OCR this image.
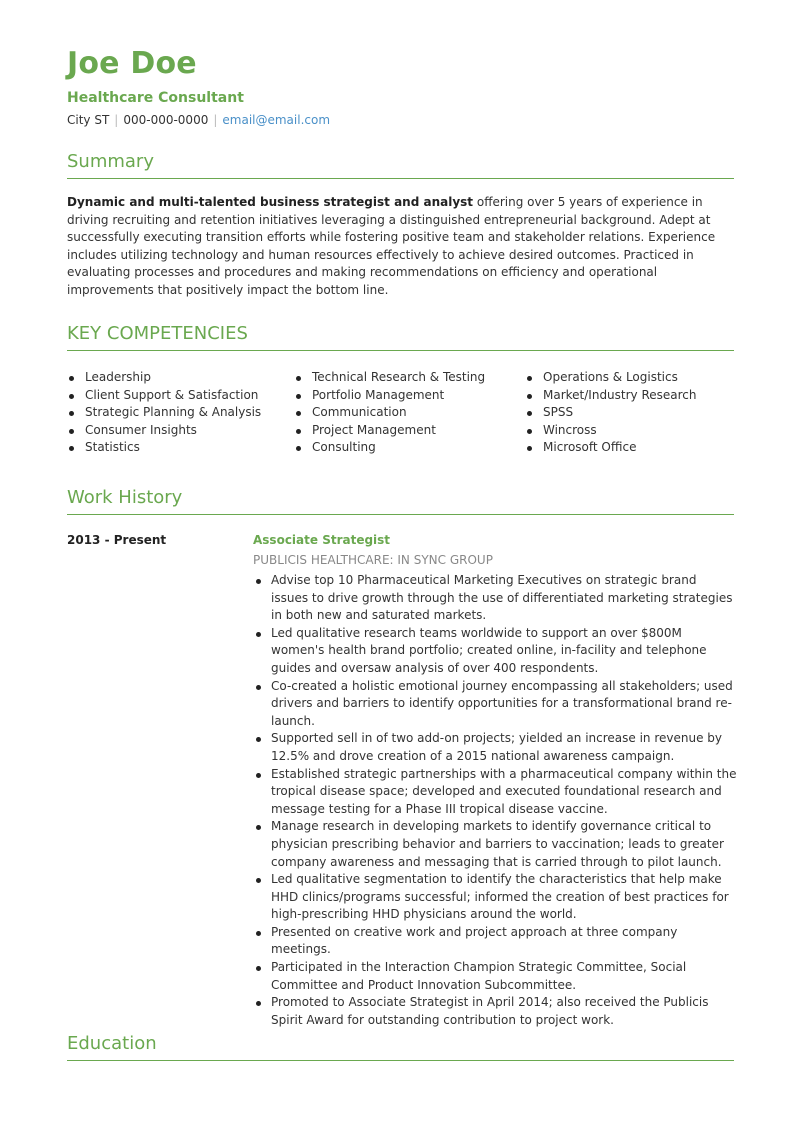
Joe Doe
Healthcare Consultant
City ST | 000-000-0000 | email@email.com
Summary
Dynamic and multi-talented business strategist and analyst offering over 5 years of experience in driving recruiting and retention initiatives leveraging a distinguished entrepreneurial background. Adept at successfully executing transition efforts while fostering positive team and stakeholder relations. Experience includes utilizing technology and human resources effectively to achieve desired outcomes. Practiced in evaluating processes and procedures and making recommendations on efficiency and operational improvements that positively impact the bottom line.
KEY COMPETENCIES
Leadership
Client Support & Satisfaction
Strategic Planning & Analysis
Consumer Insights
Statistics
Technical Research & Testing
Portfolio Management
Communication
Project Management
Consulting
Operations & Logistics
Market/Industry Research
SPSS
Wincross
Microsoft Office
Work History
2013 - Present	Associate Strategist
PUBLICIS HEALTHCARE: IN SYNC GROUP
Advise top 10 Pharmaceutical Marketing Executives on strategic brand issues to drive growth through the use of differentiated marketing strategies in both new and saturated markets.
Led qualitative research teams worldwide to support an over $800M women's health brand portfolio; created online, in-facility and telephone guides and oversaw analysis of over 400 respondents.
Co-created a holistic emotional journey encompassing all stakeholders; used drivers and barriers to identify opportunities for a transformational brand re-launch.
Supported sell in of two add-on projects; yielded an increase in revenue by 12.5% and drove creation of a 2015 national awareness campaign.
Established strategic partnerships with a pharmaceutical company within the tropical disease space; developed and executed foundational research and message testing for a Phase III tropical disease vaccine.
Manage research in developing markets to identify governance critical to physician prescribing behavior and barriers to vaccination; leads to greater company awareness and messaging that is carried through to pilot launch.
Led qualitative segmentation to identify the characteristics that help make HHD clinics/programs successful; informed the creation of best practices for high-prescribing HHD physicians around the world.
Presented on creative work and project approach at three company meetings.
Participated in the Interaction Champion Strategic Committee, Social Committee and Product Innovation Subcommittee.
Promoted to Associate Strategist in April 2014; also received the Publicis Spirit Award for outstanding contribution to project work.
Education
